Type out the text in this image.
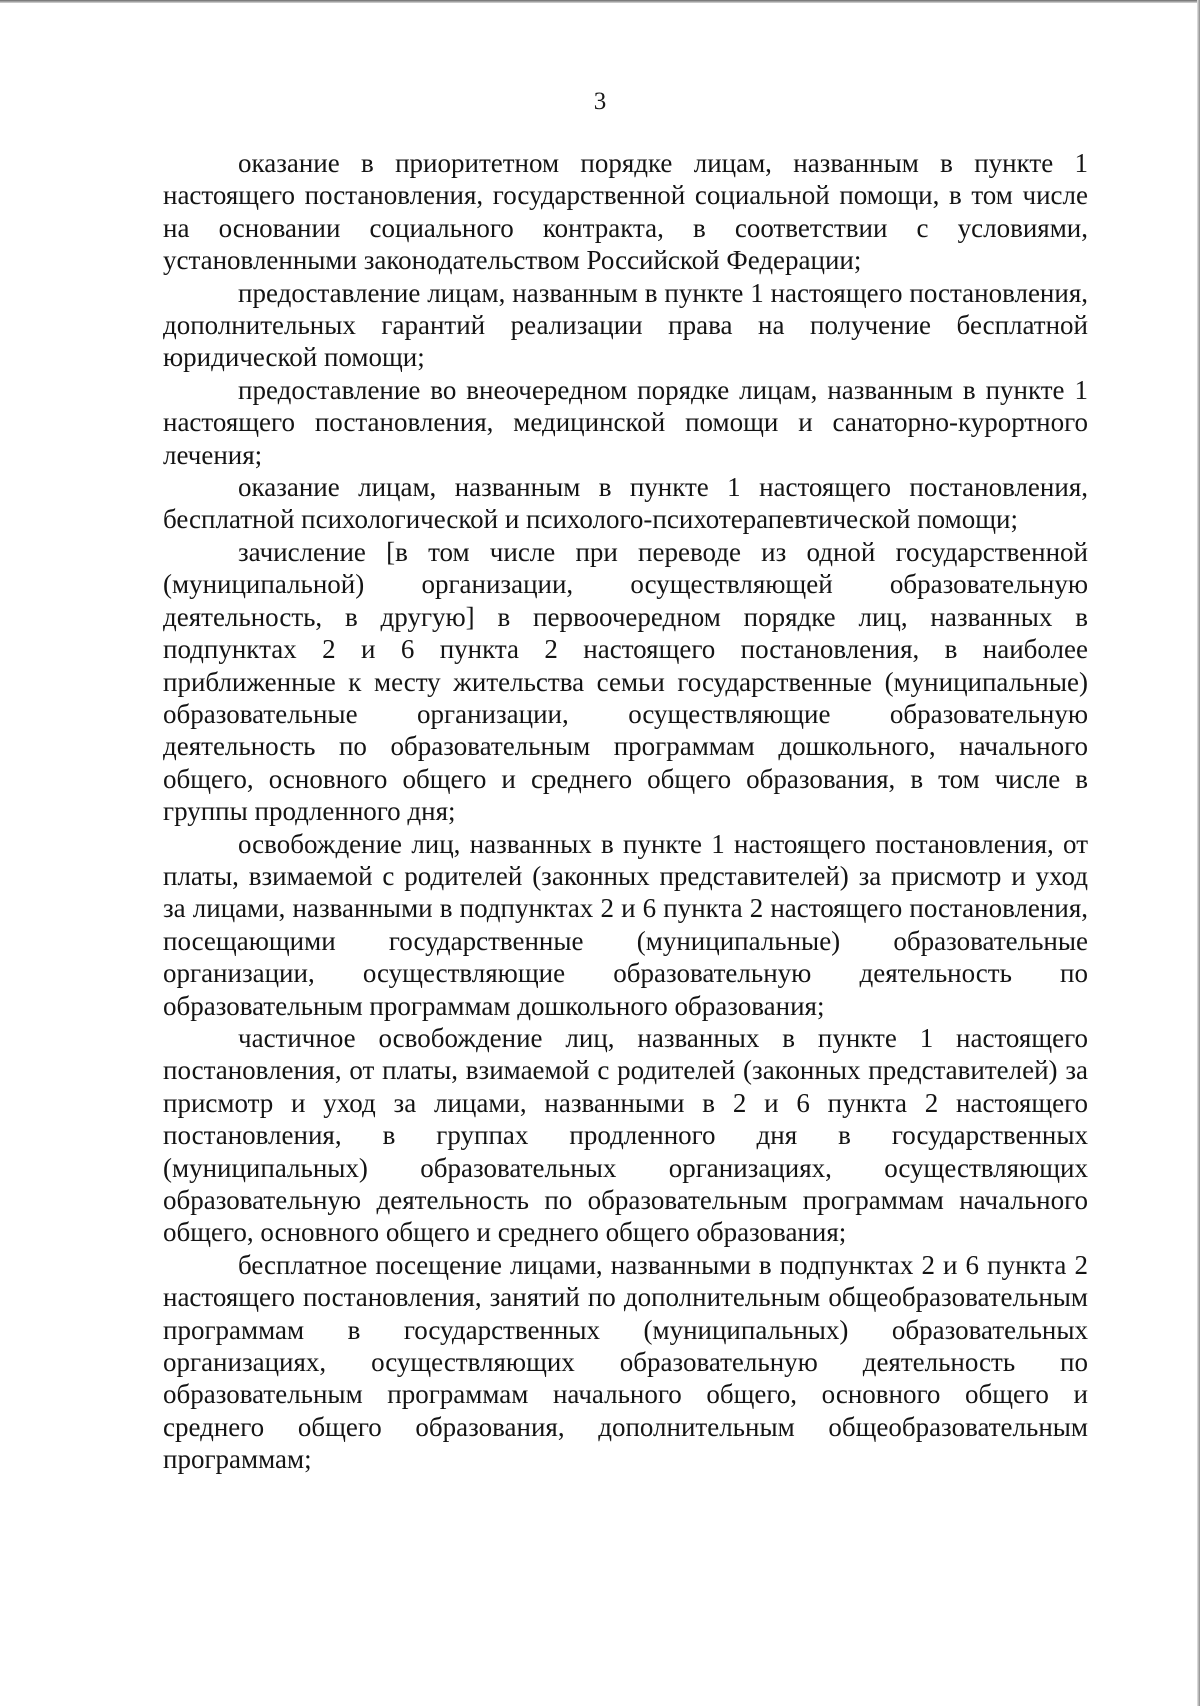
3

оказание в приоритетном порядке лицам, названным в пункте 1 настоящего постановления, государственной социальной помощи, в том числе на основании социального контракта, в соответствии с условиями, установленными законодательством Российской Федерации;

предоставление лицам, названным в пункте 1 настоящего постановления, дополнительных гарантий реализации права на получение бесплатной юридической помощи;

предоставление во внеочередном порядке лицам, названным в пункте 1 настоящего постановления, медицинской помощи и санаторно-курортного лечения;

оказание лицам, названным в пункте 1 настоящего постановления, бесплатной психологической и психолого-психотерапевтической помощи;

зачисление [в том числе при переводе из одной государственной (муниципальной) организации, осуществляющей образовательную деятельность, в другую] в первоочередном порядке лиц, названных в подпунктах 2 и 6 пункта 2 настоящего постановления, в наиболее приближенные к месту жительства семьи государственные (муниципальные) образовательные организации, осуществляющие образовательную деятельность по образовательным программам дошкольного, начального общего, основного общего и среднего общего образования, в том числе в группы продленного дня;

освобождение лиц, названных в пункте 1 настоящего постановления, от платы, взимаемой с родителей (законных представителей) за присмотр и уход за лицами, названными в подпунктах 2 и 6 пункта 2 настоящего постановления, посещающими государственные (муниципальные) образовательные организации, осуществляющие образовательную деятельность по образовательным программам дошкольного образования;

частичное освобождение лиц, названных в пункте 1 настоящего постановления, от платы, взимаемой с родителей (законных представителей) за присмотр и уход за лицами, названными в 2 и 6 пункта 2 настоящего постановления, в группах продленного дня в государственных (муниципальных) образовательных организациях, осуществляющих образовательную деятельность по образовательным программам начального общего, основного общего и среднего общего образования;

бесплатное посещение лицами, названными в подпунктах 2 и 6 пункта 2 настоящего постановления, занятий по дополнительным общеобразовательным программам в государственных (муниципальных) образовательных организациях, осуществляющих образовательную деятельность по образовательным программам начального общего, основного общего и среднего общего образования, дополнительным общеобразовательным программам;
